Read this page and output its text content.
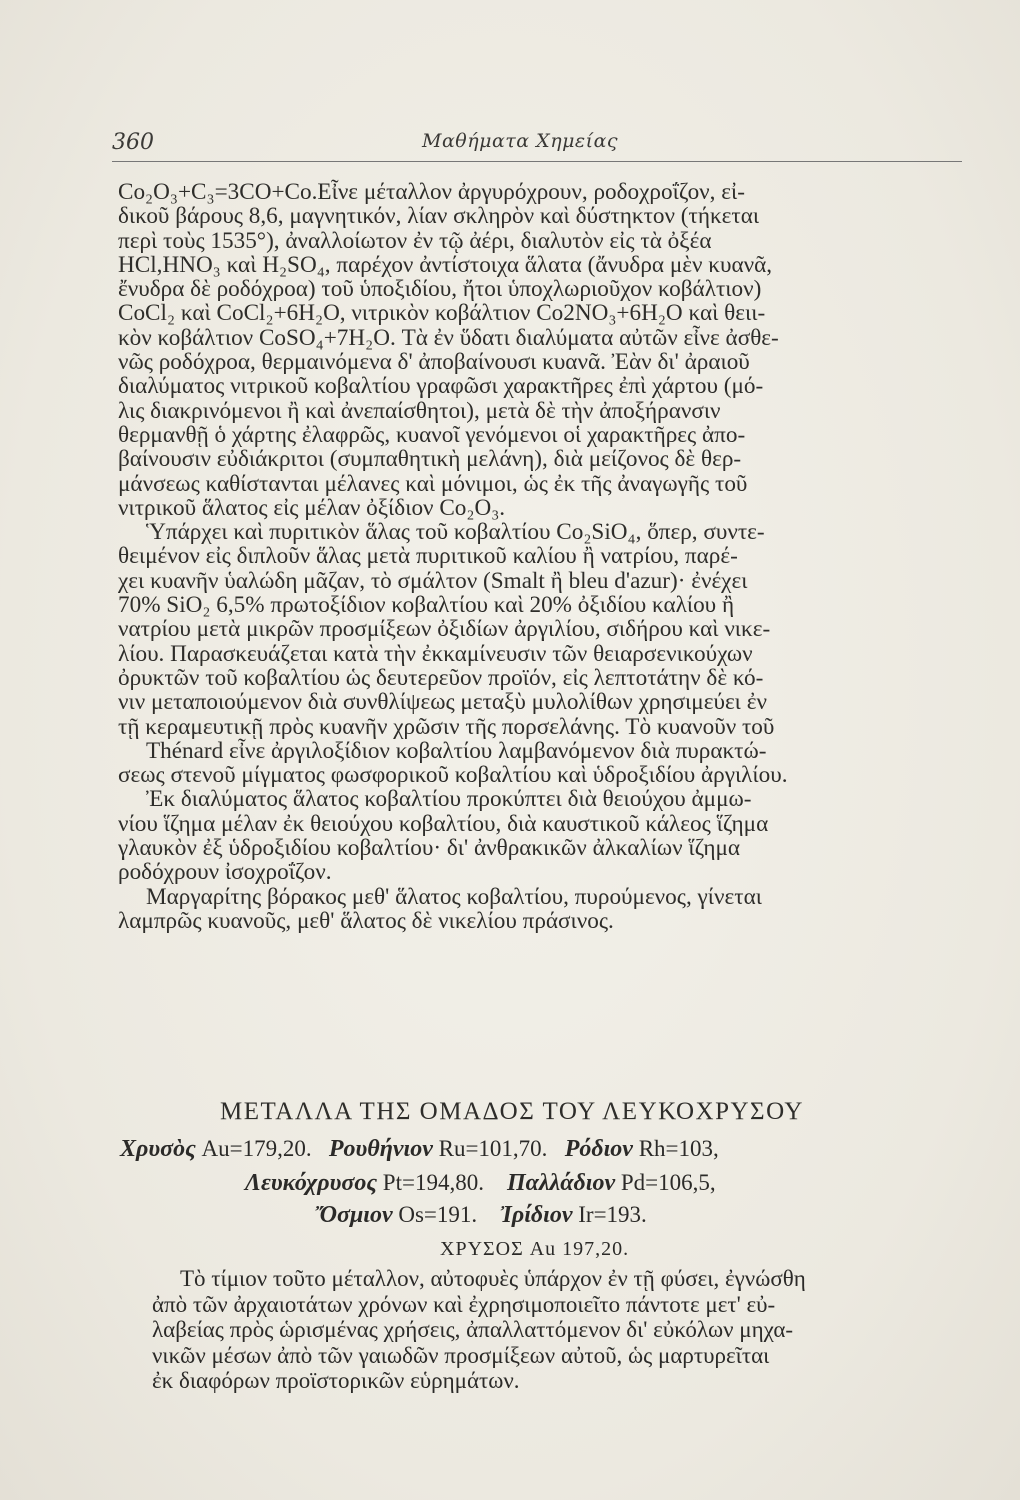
360	Μαθήματα Χημείας
Co₂O₃+C₃=3CO+Co.Εἶνε μέταλλον ἀργυρόχρουν, ροδοχροΐζον, εἰ-
δικοῦ βάρους 8,6, μαγνητικόν, λίαν σκληρὸν καὶ δύστηκτον (τήκεται
περὶ τοὺς 1535°), ἀναλλοίωτον ἐν τῷ ἀέρι, διαλυτὸν εἰς τὰ ὀξέα
HCl,HNO₃ καὶ H₂SO₄, παρέχον ἀντίστοιχα ἅλατα (ἄνυδρα μὲν κυανᾶ,
ἔνυδρα δὲ ροδόχροα) τοῦ ὑποξιδίου, ἤτοι ὑποχλωριοῦχον κοβάλτιον)
CoCl₂ καὶ CoCl₂+6H₂O, νιτρικὸν κοβάλτιον Co2NO₃+6H₂O καὶ θειι-
κὸν κοβάλτιον CoSO₄+7H₂O. Τὰ ἐν ὕδατι διαλύματα αὐτῶν εἶνε ἀσθε-
νῶς ροδόχροα, θερμαινόμενα δ' ἀποβαίνουσι κυανᾶ. Ἐὰν δι' ἀραιοῦ
διαλύματος νιτρικοῦ κοβαλτίου γραφῶσι χαρακτῆρες ἐπὶ χάρτου (μό-
λις διακρινόμενοι ἢ καὶ ἀνεπαίσθητοι), μετὰ δὲ τὴν ἀποξήρανσιν
θερμανθῇ ὁ χάρτης ἐλαφρῶς, κυανοῖ γενόμενοι οἱ χαρακτῆρες ἀπο-
βαίνουσιν εὐδιάκριτοι (συμπαθητικὴ μελάνη), διὰ μείζονος δὲ θερ-
μάνσεως καθίστανται μέλανες καὶ μόνιμοι, ὡς ἐκ τῆς ἀναγωγῆς τοῦ
νιτρικοῦ ἅλατος εἰς μέλαν ὀξίδιον Co₂O₃.
Ὑπάρχει καὶ πυριτικὸν ἅλας τοῦ κοβαλτίου Co₂SiO₄, ὅπερ, συντε-
θειμένον εἰς διπλοῦν ἅλας μετὰ πυριτικοῦ καλίου ἢ νατρίου, παρέ-
χει κυανῆν ὑαλώδη μᾶζαν, τὸ σμάλτον (Smalt ἢ bleu d'azur)· ἐνέχει
70% SiO₂ 6,5% πρωτοξίδιον κοβαλτίου καὶ 20% ὀξιδίου καλίου ἢ
νατρίου μετὰ μικρῶν προσμίξεων ὀξιδίων ἀργιλίου, σιδήρου καὶ νικε-
λίου. Παρασκευάζεται κατὰ τὴν ἐκκαμίνευσιν τῶν θειαρσενικούχων
ὀρυκτῶν τοῦ κοβαλτίου ὡς δευτερεῦον προϊόν, εἰς λεπτοτάτην δὲ κό-
νιν μεταποιούμενον διὰ συνθλίψεως μεταξὺ μυλολίθων χρησιμεύει ἐν
τῇ κεραμευτικῇ πρὸς κυανῆν χρῶσιν τῆς πορσελάνης. Τὸ κυανοῦν τοῦ
Thénard εἶνε ἀργιλοξίδιον κοβαλτίου λαμβανόμενον διὰ πυρακτώ-
σεως στενοῦ μίγματος φωσφορικοῦ κοβαλτίου καὶ ὑδροξιδίου ἀργιλίου.
Ἐκ διαλύματος ἅλατος κοβαλτίου προκύπτει διὰ θειούχου ἀμμω-
νίου ἵζημα μέλαν ἐκ θειούχου κοβαλτίου, διὰ καυστικοῦ κάλεος ἵζημα
γλαυκὸν ἐξ ὑδροξιδίου κοβαλτίου· δι' ἀνθρακικῶν ἀλκαλίων ἵζημα
ροδόχρουν ἰσοχροΐζον.
Μαργαρίτης βόρακος μεθ' ἅλατος κοβαλτίου, πυρούμενος, γίνεται
λαμπρῶς κυανοῦς, μεθ' ἅλατος δὲ νικελίου πράσινος.
ΜΕΤΑΛΛΑ ΤΗΣ ΟΜΑΔΟΣ ΤΟΥ ΛΕΥΚΟΧΡΥΣΟΥ
Χρυσὸς Au=179,20. Ρουθήνιον Ru=101,70. Ρόδιον Rh=103,
Λευκόχρυσος Pt=194,80. Παλλάδιον Pd=106,5,
Ὄσμιον Os=191. Ἰρίδιον Ir=193.
ΧΡΥΣΟΣ Au 197,20.
Τὸ τίμιον τοῦτο μέταλλον, αὐτοφυὲς ὑπάρχον ἐν τῇ φύσει, ἐγνώσθη
ἀπὸ τῶν ἀρχαιοτάτων χρόνων καὶ ἐχρησιμοποιεῖτο πάντοτε μετ' εὐ-
λαβείας πρὸς ὡρισμένας χρήσεις, ἀπαλλαττόμενον δι' εὐκόλων μηχα-
νικῶν μέσων ἀπὸ τῶν γαιωδῶν προσμίξεων αὐτοῦ, ὡς μαρτυρεῖται
ἐκ διαφόρων προϊστορικῶν εὑρημάτων.
